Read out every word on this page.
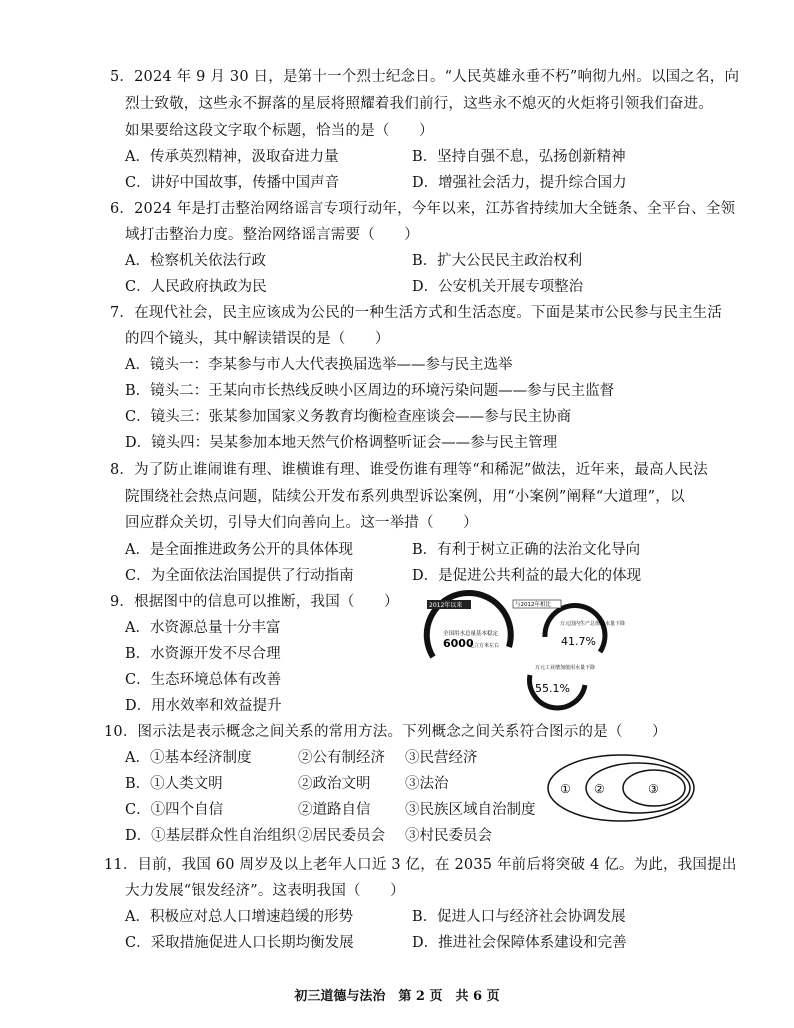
5．2024 年 9 月 30 日，是第十一个烈士纪念日。“人民英雄永垂不朽”响彻九州。以国之名，向
烈士致敬，这些永不摒落的星辰将照耀着我们前行，这些永不熄灭的火炬将引领我们奋进。
如果要给这段文字取个标题，恰当的是（　　）
A．传承英烈精神，汲取奋进力量	B．坚持自强不息，弘扬创新精神
C．讲好中国故事，传播中国声音	D．增强社会活力，提升综合国力
6．2024 年是打击整治网络谣言专项行动年，今年以来，江苏省持续加大全链条、全平台、全领
域打击整治力度。整治网络谣言需要（　　）
A．检察机关依法行政	B．扩大公民民主政治权利
C．人民政府执政为民	D．公安机关开展专项整治
7．在现代社会，民主应该成为公民的一种生活方式和生活态度。下面是某市公民参与民主生活
的四个镜头，其中解读错误的是（　　）
A．镜头一：李某参与市人大代表换届选举——参与民主选举
B．镜头二：王某向市长热线反映小区周边的环境污染问题——参与民主监督
C．镜头三：张某参加国家义务教育均衡检查座谈会——参与民主协商
D．镜头四：吴某参加本地天然气价格调整听证会——参与民主管理
8．为了防止谁闹谁有理、谁横谁有理、谁受伤谁有理等“和稀泥”做法，近年来，最高人民法
院围绕社会热点问题，陆续公开发布系列典型诉讼案例，用“小案例”阐释“大道理”，以
回应群众关切，引导大们向善向上。这一举措（　　）
A．是全面推进政务公开的具体体现	B．有利于树立正确的法治文化导向
C．为全面依法治国提供了行动指南	D．是促进公共利益的最大化的体现
9．根据图中的信息可以推断，我国（　　）
A．水资源总量十分丰富
B．水资源开发不尽合理
C．生态环境总体有改善
D．用水效率和效益提升
2012年以来
全国用水总量基本稳定
6000
亿立方米左右
与2012年相比
万元国内生产总值用水量下降
41.7%
万元工业增加值用水量下降
55.1%
10．图示法是表示概念之间关系的常用方法。下列概念之间关系符合图示的是（　　）
A．①基本经济制度	②公有制经济 ③民营经济
B．①人类文明	②政治文明 ③法治
C．①四个自信	②道路自信 ③民族区域自治制度
D．①基层群众性自治组织 ②居民委员会 ③村民委员会
① ②	③
11．目前，我国 60 周岁及以上老年人口近 3 亿，在 2035 年前后将突破 4 亿。为此，我国提出
大力发展“银发经济”。这表明我国（　　）
A．积极应对总人口增速趋缓的形势	B．促进人口与经济社会协调发展
C．采取措施促进人口长期均衡发展	D．推进社会保障体系建设和完善
初三道德与法治　第 2 页　共 6 页
